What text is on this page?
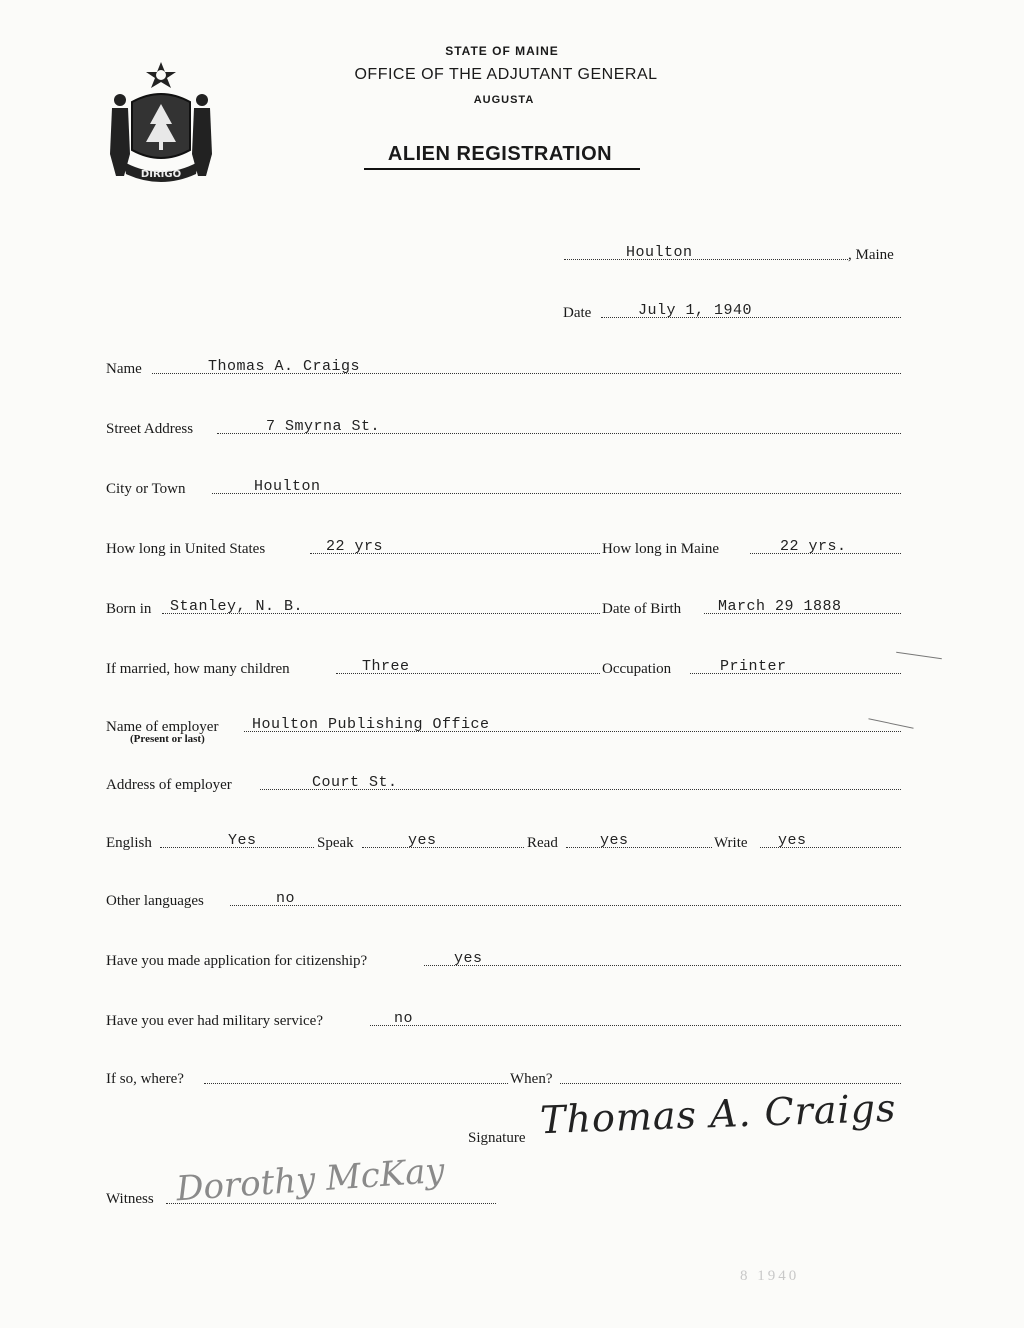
DIRIGO
STATE OF MAINE
OFFICE OF THE ADJUTANT GENERAL
AUGUSTA
ALIEN REGISTRATION
Houlton	, Maine
Date	July 1, 1940
Name	Thomas A. Craigs
Street Address	7 Smyrna St.
City or Town	Houlton
How long in United States	22 yrs	How long in Maine	22 yrs.
Born in Stanley, N. B.	Date of Birth March 29 1888
If married, how many children	Three	Occupation	Printer
Name of employer Houlton Publishing Office
(Present or last)
Address of employer	Court St.
English	Yes	Speak	yes	Read	yes	Write yes
Other languages	no
Have you made application for citizenship?	yes
Have you ever had military service?	no
If so, where?	When?
Signature Thomas A. Craigs
Witness Dorothy McKay
8 1940
